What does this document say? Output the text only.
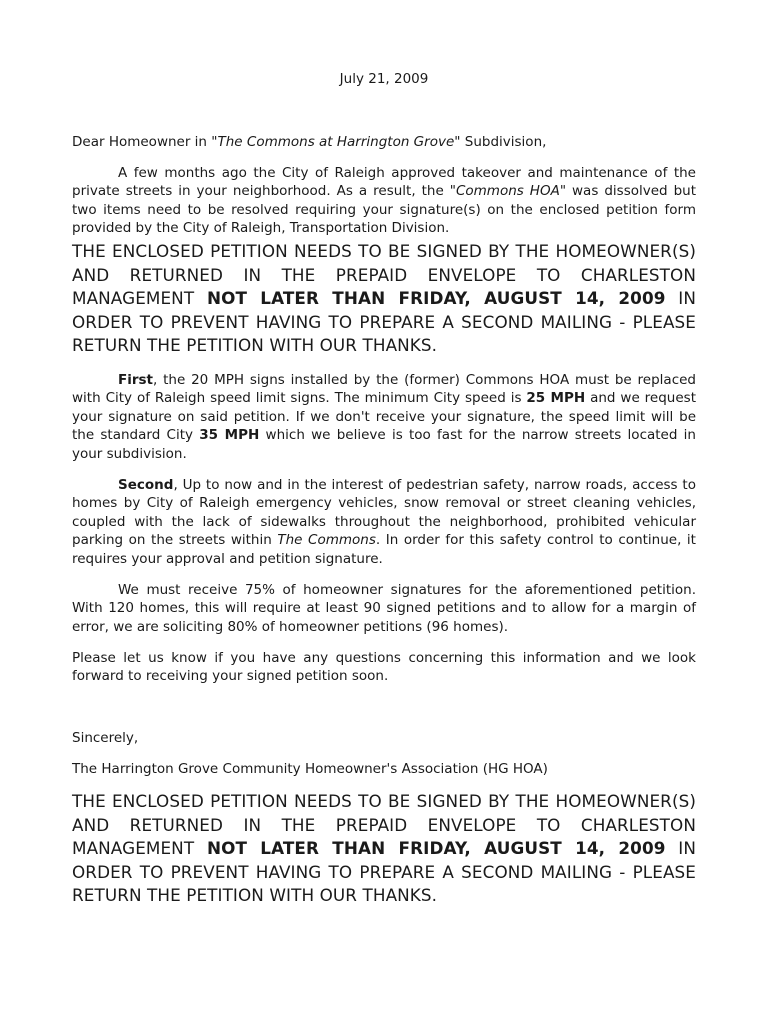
July 21, 2009

Dear Homeowner in "The Commons at Harrington Grove" Subdivision,

A few months ago the City of Raleigh approved takeover and maintenance of the private streets in your neighborhood. As a result, the "Commons HOA" was dissolved but two items need to be resolved requiring your signature(s) on the enclosed petition form provided by the City of Raleigh, Transportation Division.

THE ENCLOSED PETITION NEEDS TO BE SIGNED BY THE HOMEOWNER(S) AND RETURNED IN THE PREPAID ENVELOPE TO CHARLESTON MANAGEMENT NOT LATER THAN FRIDAY, AUGUST 14, 2009 IN ORDER TO PREVENT HAVING TO PREPARE A SECOND MAILING - PLEASE RETURN THE PETITION WITH OUR THANKS.

First, the 20 MPH signs installed by the (former) Commons HOA must be replaced with City of Raleigh speed limit signs. The minimum City speed is 25 MPH and we request your signature on said petition. If we don't receive your signature, the speed limit will be the standard City 35 MPH which we believe is too fast for the narrow streets located in your subdivision.

Second, Up to now and in the interest of pedestrian safety, narrow roads, access to homes by City of Raleigh emergency vehicles, snow removal or street cleaning vehicles, coupled with the lack of sidewalks throughout the neighborhood, prohibited vehicular parking on the streets within The Commons. In order for this safety control to continue, it requires your approval and petition signature.

We must receive 75% of homeowner signatures for the aforementioned petition. With 120 homes, this will require at least 90 signed petitions and to allow for a margin of error, we are soliciting 80% of homeowner petitions (96 homes).

Please let us know if you have any questions concerning this information and we look forward to receiving your signed petition soon.

Sincerely,

The Harrington Grove Community Homeowner's Association (HG HOA)

THE ENCLOSED PETITION NEEDS TO BE SIGNED BY THE HOMEOWNER(S) AND RETURNED IN THE PREPAID ENVELOPE TO CHARLESTON MANAGEMENT NOT LATER THAN FRIDAY, AUGUST 14, 2009 IN ORDER TO PREVENT HAVING TO PREPARE A SECOND MAILING - PLEASE RETURN THE PETITION WITH OUR THANKS.
